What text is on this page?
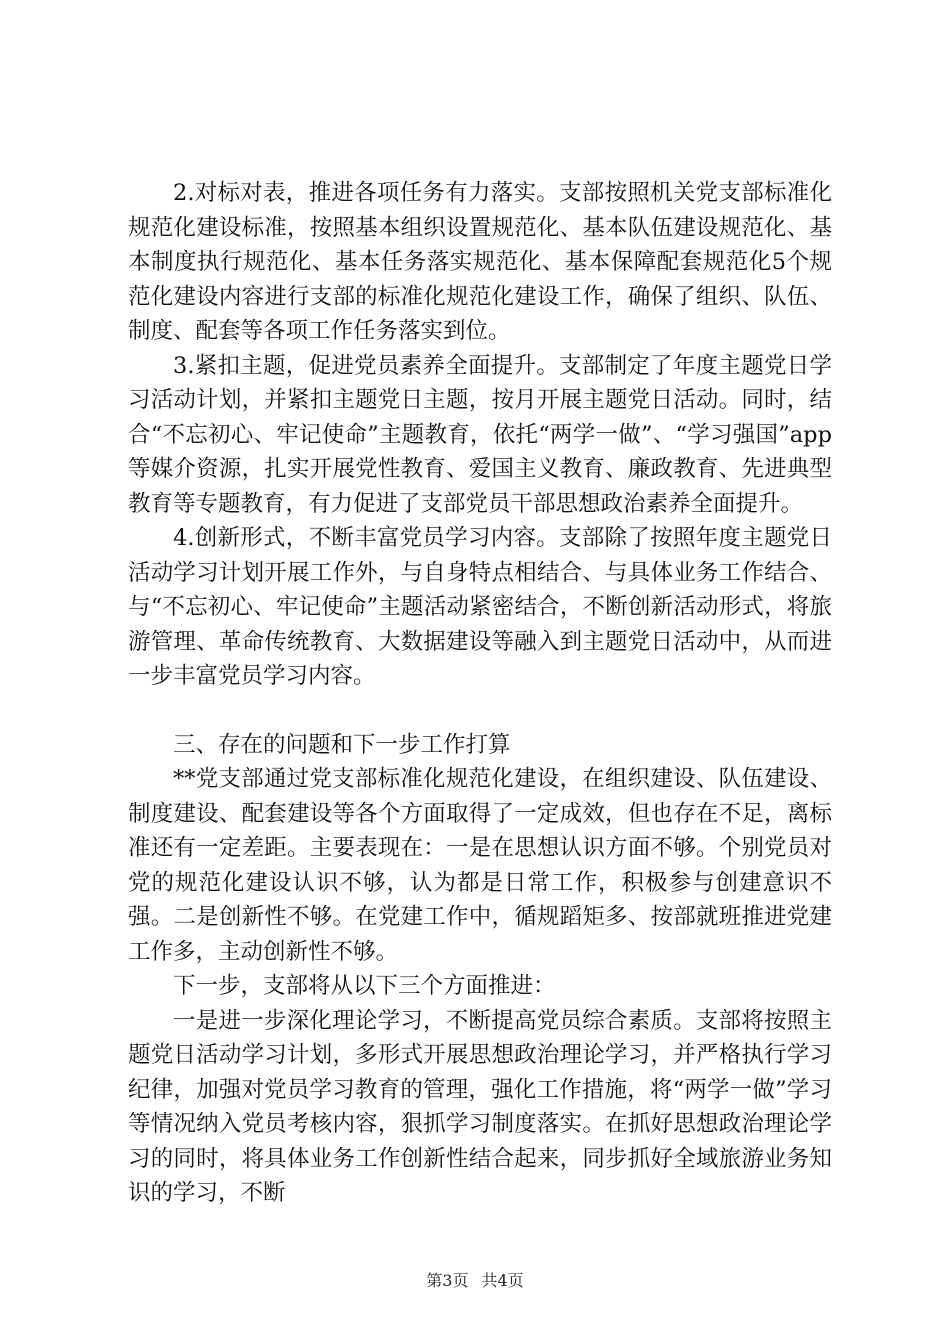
2.对标对表，推进各项任务有力落实。支部按照机关党支部标准化规范化建设标准，按照基本组织设置规范化、基本队伍建设规范化、基本制度执行规范化、基本任务落实规范化、基本保障配套规范化5个规范化建设内容进行支部的标准化规范化建设工作，确保了组织、队伍、制度、配套等各项工作任务落实到位。

3.紧扣主题，促进党员素养全面提升。支部制定了年度主题党日学习活动计划，并紧扣主题党日主题，按月开展主题党日活动。同时，结合“不忘初心、牢记使命”主题教育，依托“两学一做”、“学习强国”app等媒介资源，扎实开展党性教育、爱国主义教育、廉政教育、先进典型教育等专题教育，有力促进了支部党员干部思想政治素养全面提升。

4.创新形式，不断丰富党员学习内容。支部除了按照年度主题党日活动学习计划开展工作外，与自身特点相结合、与具体业务工作结合、与“不忘初心、牢记使命”主题活动紧密结合，不断创新活动形式，将旅游管理、革命传统教育、大数据建设等融入到主题党日活动中，从而进一步丰富党员学习内容。

三、存在的问题和下一步工作打算

**党支部通过党支部标准化规范化建设，在组织建设、队伍建设、制度建设、配套建设等各个方面取得了一定成效，但也存在不足，离标准还有一定差距。主要表现在：一是在思想认识方面不够。个别党员对党的规范化建设认识不够，认为都是日常工作，积极参与创建意识不强。二是创新性不够。在党建工作中，循规蹈矩多、按部就班推进党建工作多，主动创新性不够。

下一步，支部将从以下三个方面推进：

一是进一步深化理论学习，不断提高党员综合素质。支部将按照主题党日活动学习计划，多形式开展思想政治理论学习，并严格执行学习纪律，加强对党员学习教育的管理，强化工作措施，将“两学一做”学习等情况纳入党员考核内容，狠抓学习制度落实。在抓好思想政治理论学习的同时，将具体业务工作创新性结合起来，同步抓好全域旅游业务知识的学习，不断

第3页 共4页
